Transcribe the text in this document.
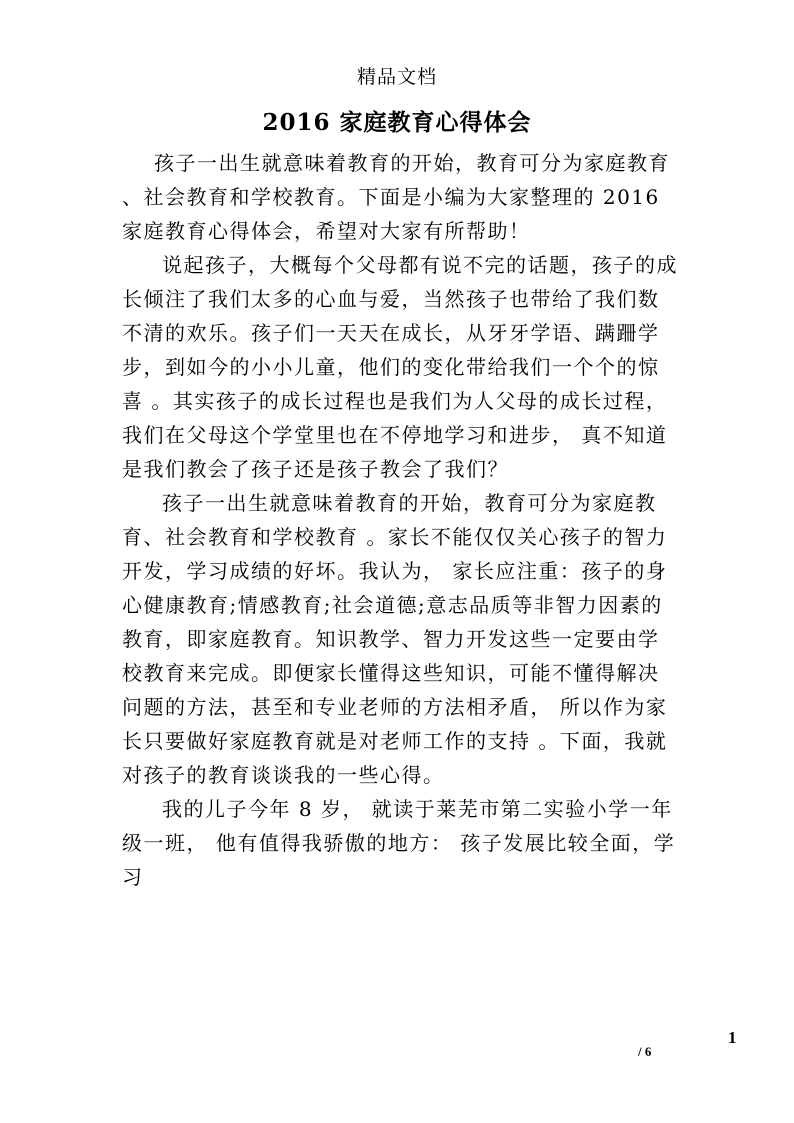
精品文档
2016 家庭教育心得体会

孩子一出生就意味着教育的开始，教育可分为家庭教育 、社会教育和学校教育。下面是小编为大家整理的 2016 家庭教育心得体会，希望对大家有所帮助！

说起孩子，大概每个父母都有说不完的话题，孩子的成长倾注了我们太多的心血与爱，当然孩子也带给了我们数不清的欢乐。孩子们一天天在成长，从牙牙学语、蹒跚学步，到如今的小小儿童，他们的变化带给我们一个个的惊喜 。其实孩子的成长过程也是我们为人父母的成长过程，我们在父母这个学堂里也在不停地学习和进步， 真不知道是我们教会了孩子还是孩子教会了我们？

孩子一出生就意味着教育的开始，教育可分为家庭教育、社会教育和学校教育 。家长不能仅仅关心孩子的智力开发，学习成绩的好坏。我认为， 家长应注重：孩子的身心健康教育;情感教育;社会道德;意志品质等非智力因素的教育，即家庭教育。知识教学、智力开发这些一定要由学校教育来完成。即便家长懂得这些知识，可能不懂得解决问题的方法，甚至和专业老师的方法相矛盾， 所以作为家长只要做好家庭教育就是对老师工作的支持 。下面，我就对孩子的教育谈谈我的一些心得。

我的儿子今年 8 岁， 就读于莱芜市第二实验小学一年级一班， 他有值得我骄傲的地方： 孩子发展比较全面，学习

1
/ 6
